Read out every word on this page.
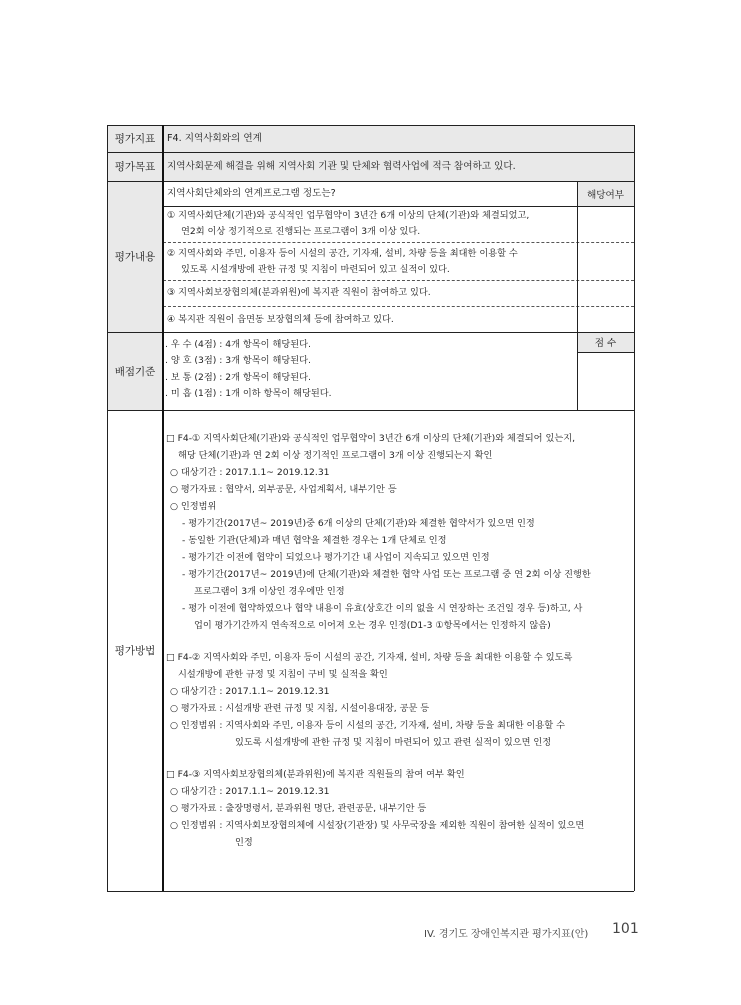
평가지표
평가목표
평가내용
배점기준
평가방법
해당여부
점 수
F4. 지역사회와의 연계
지역사회문제 해결을 위해 지역사회 기관 및 단체와 협력사업에 적극 참여하고 있다.
지역사회단체와의 연계프로그램 정도는?
① 지역사회단체(기관)와 공식적인 업무협약이 3년간 6개 이상의 단체(기관)와 체결되었고,
연2회 이상 정기적으로 진행되는 프로그램이 3개 이상 있다.
② 지역사회와 주민, 이용자 등이 시설의 공간, 기자재, 설비, 차량 등을 최대한 이용할 수
있도록 시설개방에 관한 규정 및 지침이 마련되어 있고 실적이 있다.
③ 지역사회보장협의체(분과위원)에 복지관 직원이 참여하고 있다.
④ 복지관 직원이 읍면동 보장협의체 등에 참여하고 있다.
. 우 수 (4점) : 4개 항목이 해당된다.
. 양 호 (3점) : 3개 항목이 해당된다.
. 보 통 (2점) : 2개 항목이 해당된다.
. 미 흡 (1점) : 1개 이하 항목이 해당된다.
□ F4-① 지역사회단체(기관)와 공식적인 업무협약이 3년간 6개 이상의 단체(기관)와 체결되어 있는지,
해당 단체(기관)과 연 2회 이상 정기적인 프로그램이 3개 이상 진행되는지 확인
○ 대상기간 : 2017.1.1~ 2019.12.31
○ 평가자료 : 협약서, 외부공문, 사업계획서, 내부기안 등
○ 인정범위
- 평가기간(2017년~ 2019년)중 6개 이상의 단체(기관)와 체결한 협약서가 있으면 인정
- 동일한 기관(단체)과 매년 협약을 체결한 경우는 1개 단체로 인정
- 평가기간 이전에 협약이 되었으나 평가기간 내 사업이 지속되고 있으면 인정
- 평가기간(2017년~ 2019년)에 단체(기관)와 체결한 협약 사업 또는 프로그램 중 연 2회 이상 진행한
프로그램이 3개 이상인 경우에만 인정
- 평가 이전에 협약하였으나 협약 내용이 유효(상호간 이의 없을 시 연장하는 조건일 경우 등)하고, 사
업이 평가기간까지 연속적으로 이어져 오는 경우 인정(D1-3 ①항목에서는 인정하지 않음)
□ F4-② 지역사회와 주민, 이용자 등이 시설의 공간, 기자재, 설비, 차량 등을 최대한 이용할 수 있도록
시설개방에 관한 규정 및 지침이 구비 및 실적을 확인
○ 대상기간 : 2017.1.1~ 2019.12.31
○ 평가자료 : 시설개방 관련 규정 및 지침, 시설이용대장, 공문 등
○ 인정범위 : 지역사회와 주민, 이용자 등이 시설의 공간, 기자재, 설비, 차량 등을 최대한 이용할 수
있도록 시설개방에 관한 규정 및 지침이 마련되어 있고 관련 실적이 있으면 인정
□ F4-③ 지역사회보장협의체(분과위원)에 복지관 직원들의 참여 여부 확인
○ 대상기간 : 2017.1.1~ 2019.12.31
○ 평가자료 : 출장명령서, 분과위원 명단, 관련공문, 내부기안 등
○ 인정범위 : 지역사회보장협의체에 시설장(기관장) 및 사무국장을 제외한 직원이 참여한 실적이 있으면
인정
IV. 경기도 장애인복지관 평가지표(안) 101
